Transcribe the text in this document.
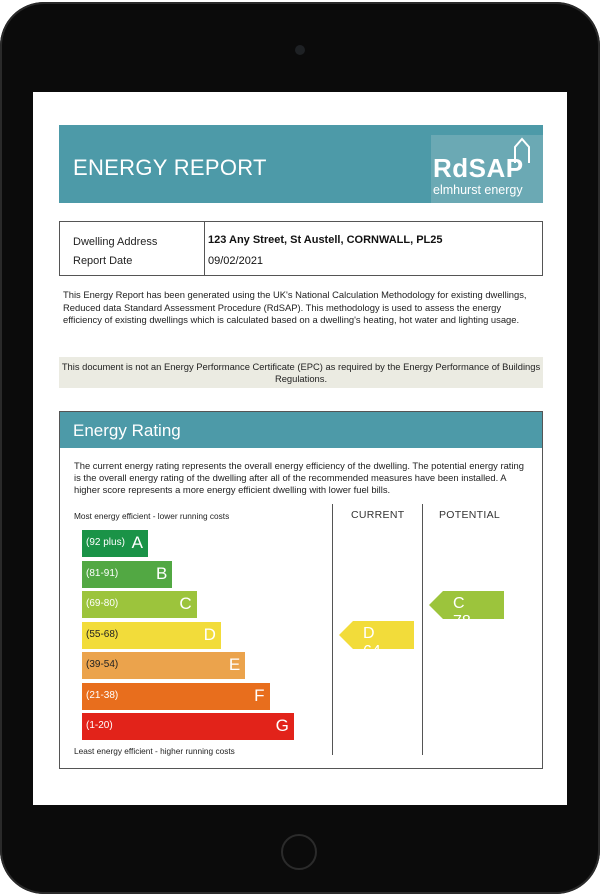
ENERGY REPORT	RdSAP
elmhurst energy
Dwelling Address	123 Any Street, St Austell, CORNWALL, PL25
Report Date	09/02/2021
This Energy Report has been generated using the UK's National Calculation Methodology for existing dwellings, Reduced data Standard Assessment Procedure (RdSAP). This methodology is used to assess the energy efficiency of existing dwellings which is calculated based on a dwelling's heating, hot water and lighting usage.
This document is not an Energy Performance Certificate (EPC) as required by the Energy Performance of Buildings Regulations.
Energy Rating
The current energy rating represents the overall energy efficiency of the dwelling. The potential energy rating is the overall energy rating of the dwelling after all of the recommended measures have been installed. A higher score represents a more energy efficient dwelling with lower fuel bills.
Most energy efficient - lower running costs	CURRENT	POTENTIAL
(92 plus) A
(81-91) B
(69-80)	C
(55-68)	D
(39-54)	E
(21-38)	F
(1-20)	G
D 64
C 78
Least energy efficient - higher running costs
